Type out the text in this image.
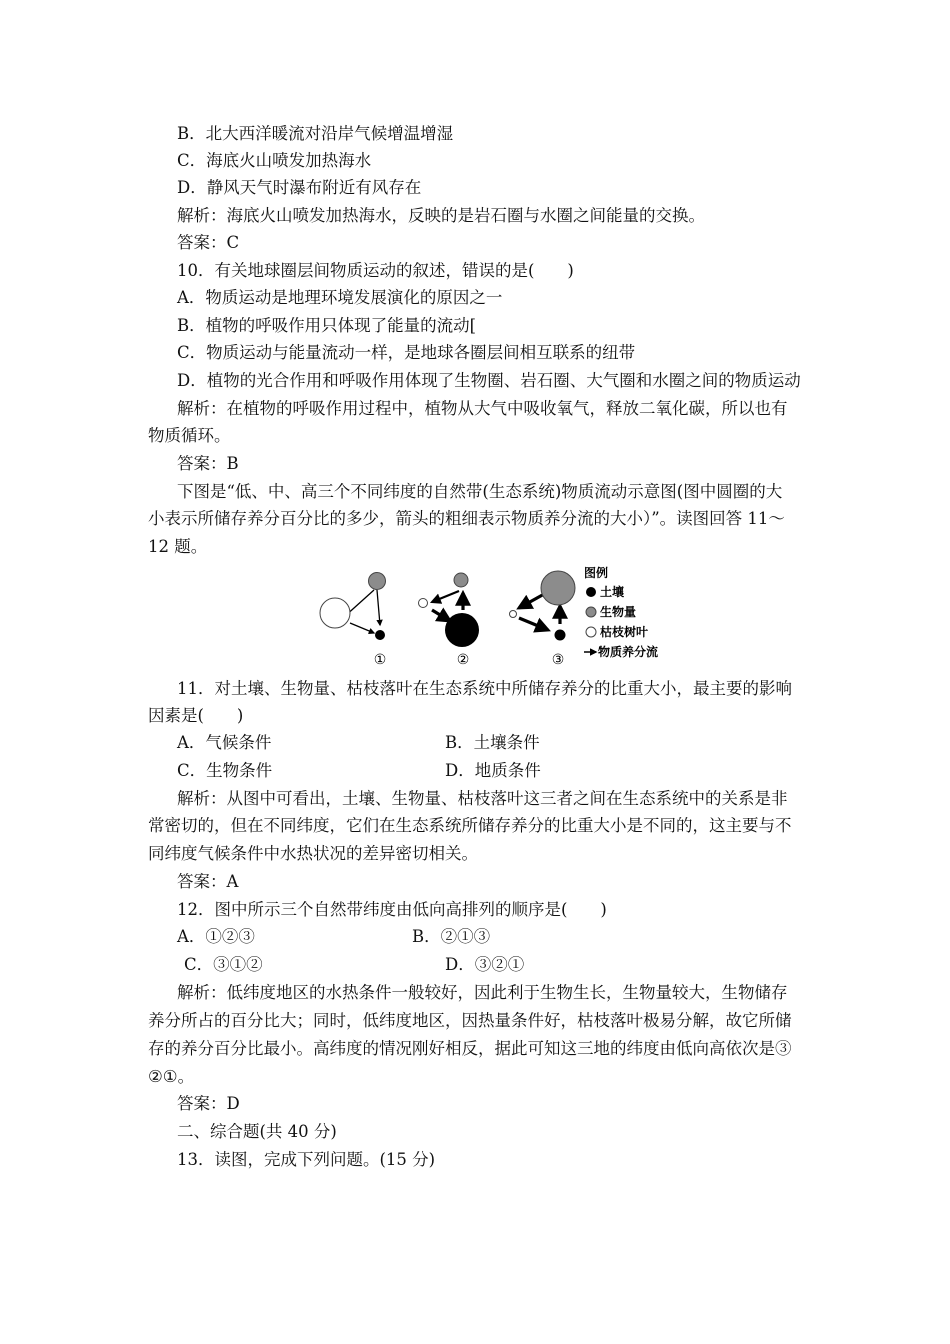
B．北大西洋暖流对沿岸气候增温增湿
C．海底火山喷发加热海水
D．静风天气时瀑布附近有风存在
解析：海底火山喷发加热海水，反映的是岩石圈与水圈之间能量的交换。
答案：C
10．有关地球圈层间物质运动的叙述，错误的是(　　)
A．物质运动是地理环境发展演化的原因之一
B．植物的呼吸作用只体现了能量的流动[
C．物质运动与能量流动一样，是地球各圈层间相互联系的纽带
D．植物的光合作用和呼吸作用体现了生物圈、岩石圈、大气圈和水圈之间的物质运动
解析：在植物的呼吸作用过程中，植物从大气中吸收氧气，释放二氧化碳，所以也有
物质循环。
答案：B
下图是“低、中、高三个不同纬度的自然带(生态系统)物质流动示意图(图中圆圈的大
小表示所储存养分百分比的多少，箭头的粗细表示物质养分流的大小）”。读图回答 11～
12 题。
①	②	③
图例
土壤
生物量
枯枝树叶
物质养分流
11．对土壤、生物量、枯枝落叶在生态系统中所储存养分的比重大小，最主要的影响
因素是(　　)
A．气候条件	B．土壤条件
C．生物条件	D．地质条件
解析：从图中可看出，土壤、生物量、枯枝落叶这三者之间在生态系统中的关系是非
常密切的，但在不同纬度，它们在生态系统所储存养分的比重大小是不同的，这主要与不
同纬度气候条件中水热状况的差异密切相关。
答案：A
12．图中所示三个自然带纬度由低向高排列的顺序是(　　)
A．①②③	B．②①③
C．③①②	D．③②①
解析：低纬度地区的水热条件一般较好，因此利于生物生长，生物量较大，生物储存
养分所占的百分比大；同时，低纬度地区，因热量条件好，枯枝落叶极易分解，故它所储
存的养分百分比最小。高纬度的情况刚好相反，据此可知这三地的纬度由低向高依次是③
②①。
答案：D
二、综合题(共 40 分)
13．读图，完成下列问题。(15 分)
